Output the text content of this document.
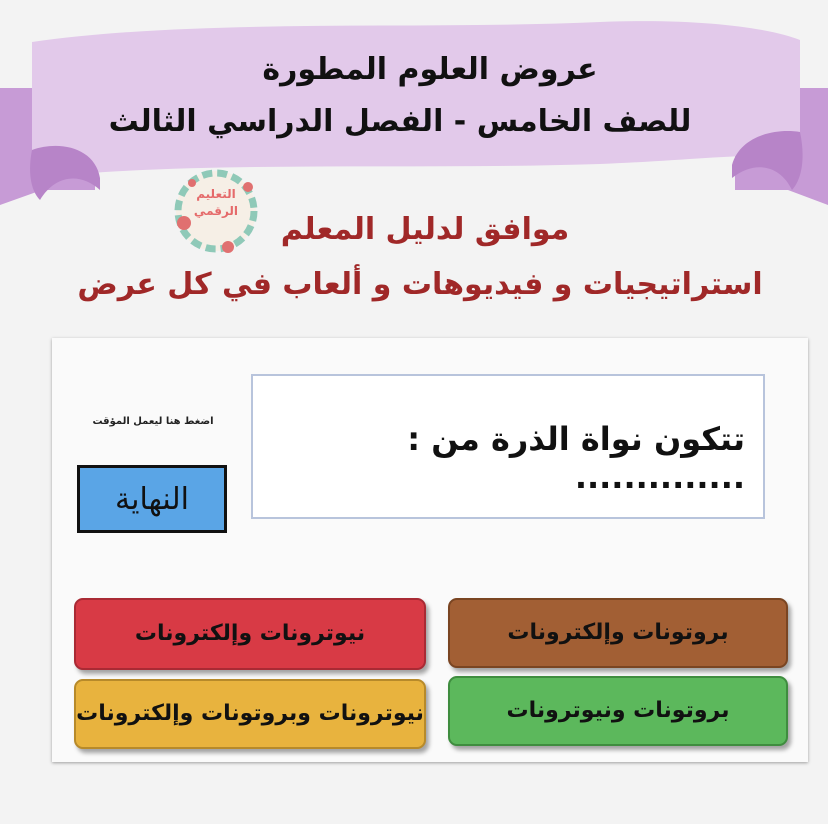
عروض العلوم المطورة
للصف الخامس - الفصل الدراسي الثالث
التعليم
الرقمي
موافق لدليل المعلم
استراتيجيات و فيديوهات و ألعاب في كل عرض
تتكون نواة الذرة من : ..............
اضغط هنا ليعمل المؤقت
النهاية
نيوترونات وإلكترونات	بروتونات وإلكترونات
نيوترونات وبروتونات وإلكترونات	بروتونات ونيوترونات
